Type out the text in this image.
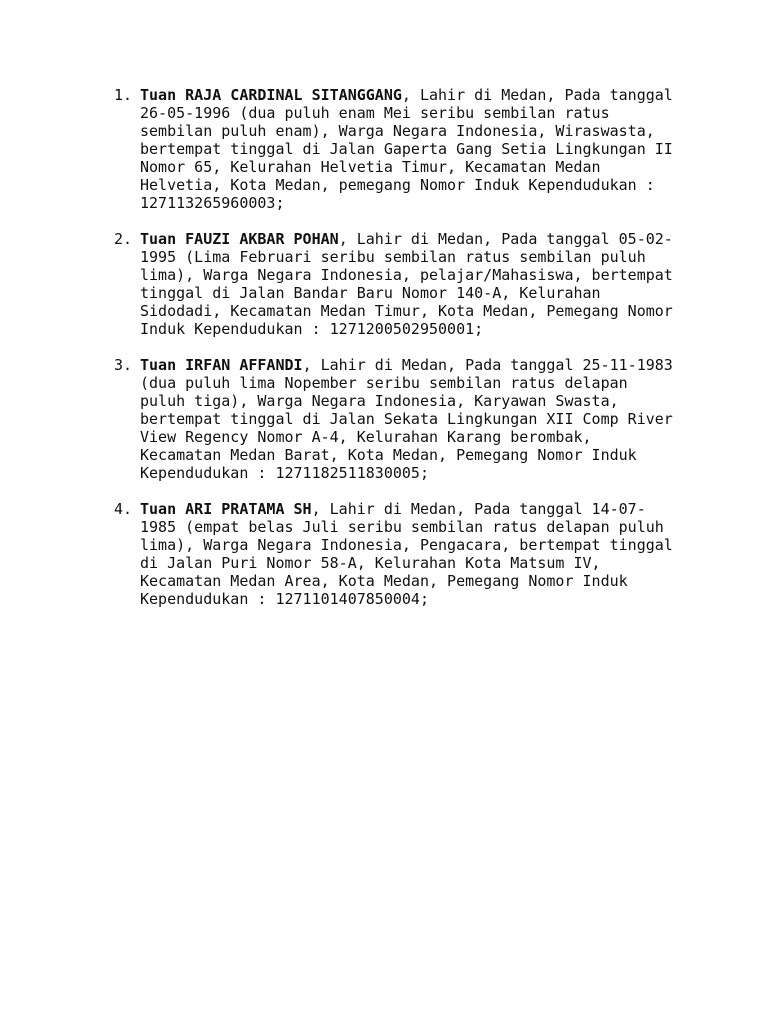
1. Tuan RAJA CARDINAL SITANGGANG, Lahir di Medan, Pada tanggal 26-05-1996 (dua puluh enam Mei seribu sembilan ratus sembilan puluh enam), Warga Negara Indonesia, Wiraswasta, bertempat tinggal di Jalan Gaperta Gang Setia Lingkungan II Nomor 65, Kelurahan Helvetia Timur, Kecamatan Medan Helvetia, Kota Medan, pemegang Nomor Induk Kependudukan : 127113265960003;
2. Tuan FAUZI AKBAR POHAN, Lahir di Medan, Pada tanggal 05-02-1995 (Lima Februari seribu sembilan ratus sembilan puluh lima), Warga Negara Indonesia, pelajar/Mahasiswa, bertempat tinggal di Jalan Bandar Baru Nomor 140-A, Kelurahan Sidodadi, Kecamatan Medan Timur, Kota Medan, Pemegang Nomor Induk Kependudukan : 1271200502950001;
3. Tuan IRFAN AFFANDI, Lahir di Medan, Pada tanggal 25-11-1983 (dua puluh lima Nopember seribu sembilan ratus delapan puluh tiga), Warga Negara Indonesia, Karyawan Swasta, bertempat tinggal di Jalan Sekata Lingkungan XII Comp River View Regency Nomor A-4, Kelurahan Karang berombak, Kecamatan Medan Barat, Kota Medan, Pemegang Nomor Induk Kependudukan : 1271182511830005;
4. Tuan ARI PRATAMA SH, Lahir di Medan, Pada tanggal 14-07-1985 (empat belas Juli seribu sembilan ratus delapan puluh lima), Warga Negara Indonesia, Pengacara, bertempat tinggal di Jalan Puri Nomor 58-A, Kelurahan Kota Matsum IV, Kecamatan Medan Area, Kota Medan, Pemegang Nomor Induk Kependudukan : 1271101407850004;
